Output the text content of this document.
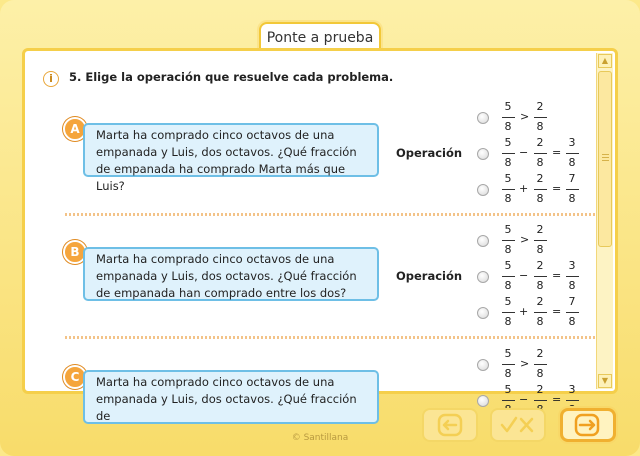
Ponte a prueba
i	5. Elige la operación que resuelve cada problema.
A	Marta ha comprado cinco octavos de una empanada y Luis, dos octavos. ¿Qué fracción de empanada ha comprado Marta más que Luis?
Operación
5
8
>
2
8
5
8
−
2
8
=
3
8
5
8
+
2
8
=
7
8
B	Marta ha comprado cinco octavos de una empanada y Luis, dos octavos. ¿Qué fracción de empanada han comprado entre los dos?
Operación
5
8
>
2
8
5
8
−
2
8
=
3
8
5
8
+
2
8
=
7
8
C	Marta ha comprado cinco octavos de una empanada y Luis, dos octavos. ¿Qué fracción de
5
8
>
2
8
5
−
2
=
3
▲
▼
© Santillana
